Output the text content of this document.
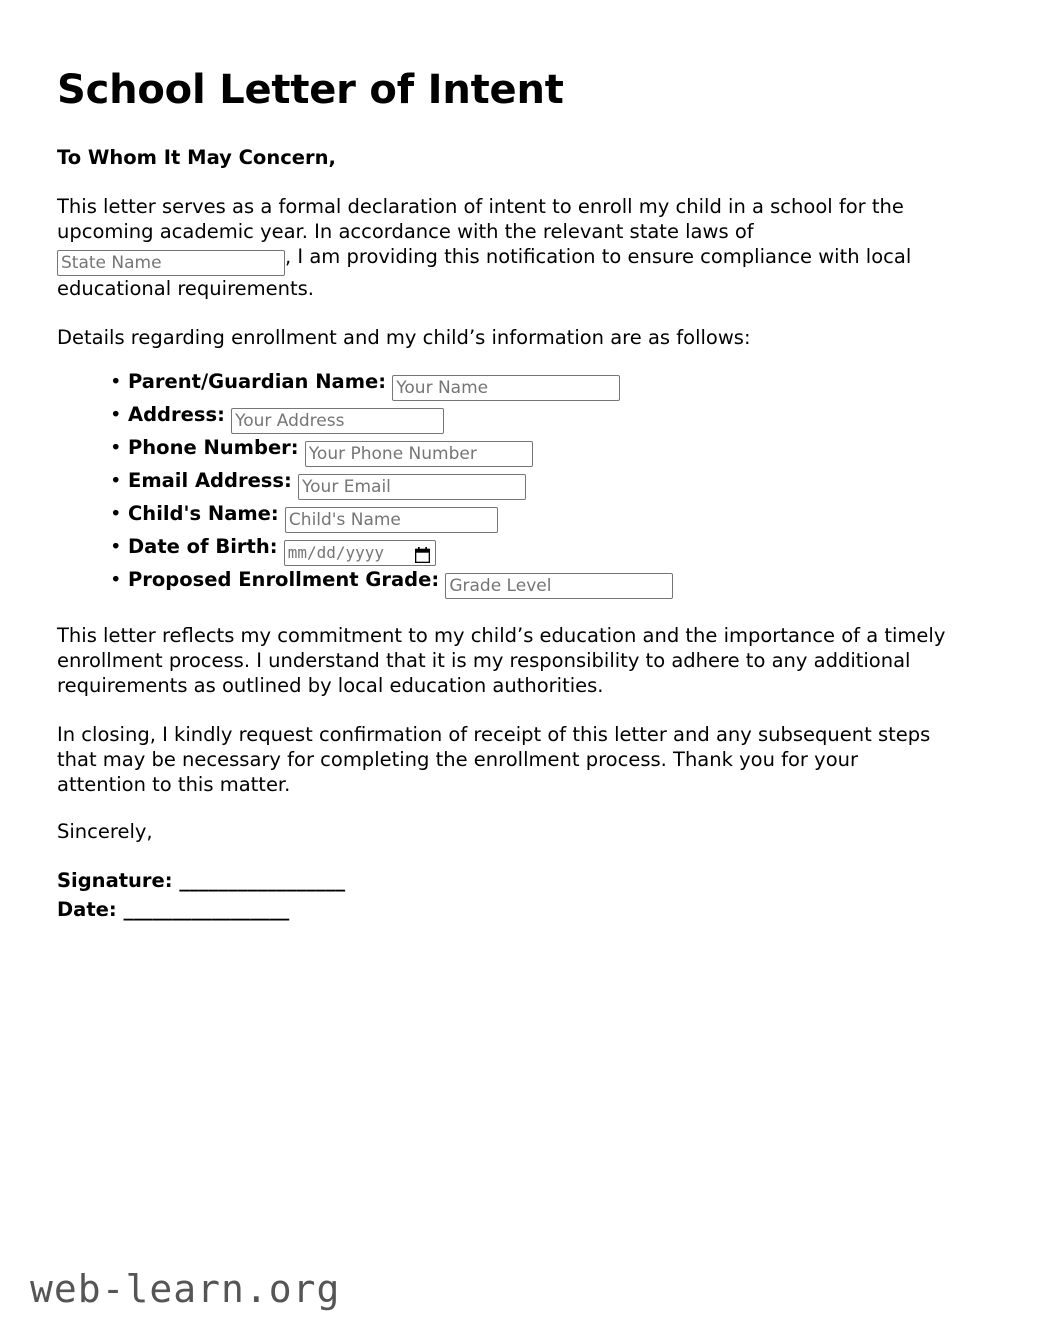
School Letter of Intent
To Whom It May Concern,

This letter serves as a formal declaration of intent to enroll my child in a school for the upcoming academic year. In accordance with the relevant state laws of State Name, I am providing this notification to ensure compliance with local educational requirements.

Details regarding enrollment and my child’s information are as follows:

• Parent/Guardian Name: Your Name
• Address: Your Address
• Phone Number: Your Phone Number
• Email Address: Your Email
• Child's Name: Child's Name
• Date of Birth: mm/dd/yyyy
• Proposed Enrollment Grade: Grade Level

This letter reflects my commitment to my child’s education and the importance of a timely enrollment process. I understand that it is my responsibility to adhere to any additional requirements as outlined by local education authorities.

In closing, I kindly request confirmation of receipt of this letter and any subsequent steps that may be necessary for completing the enrollment process. Thank you for your attention to this matter.

Sincerely,

Signature: _________________
Date: _________________
web-learn.org
